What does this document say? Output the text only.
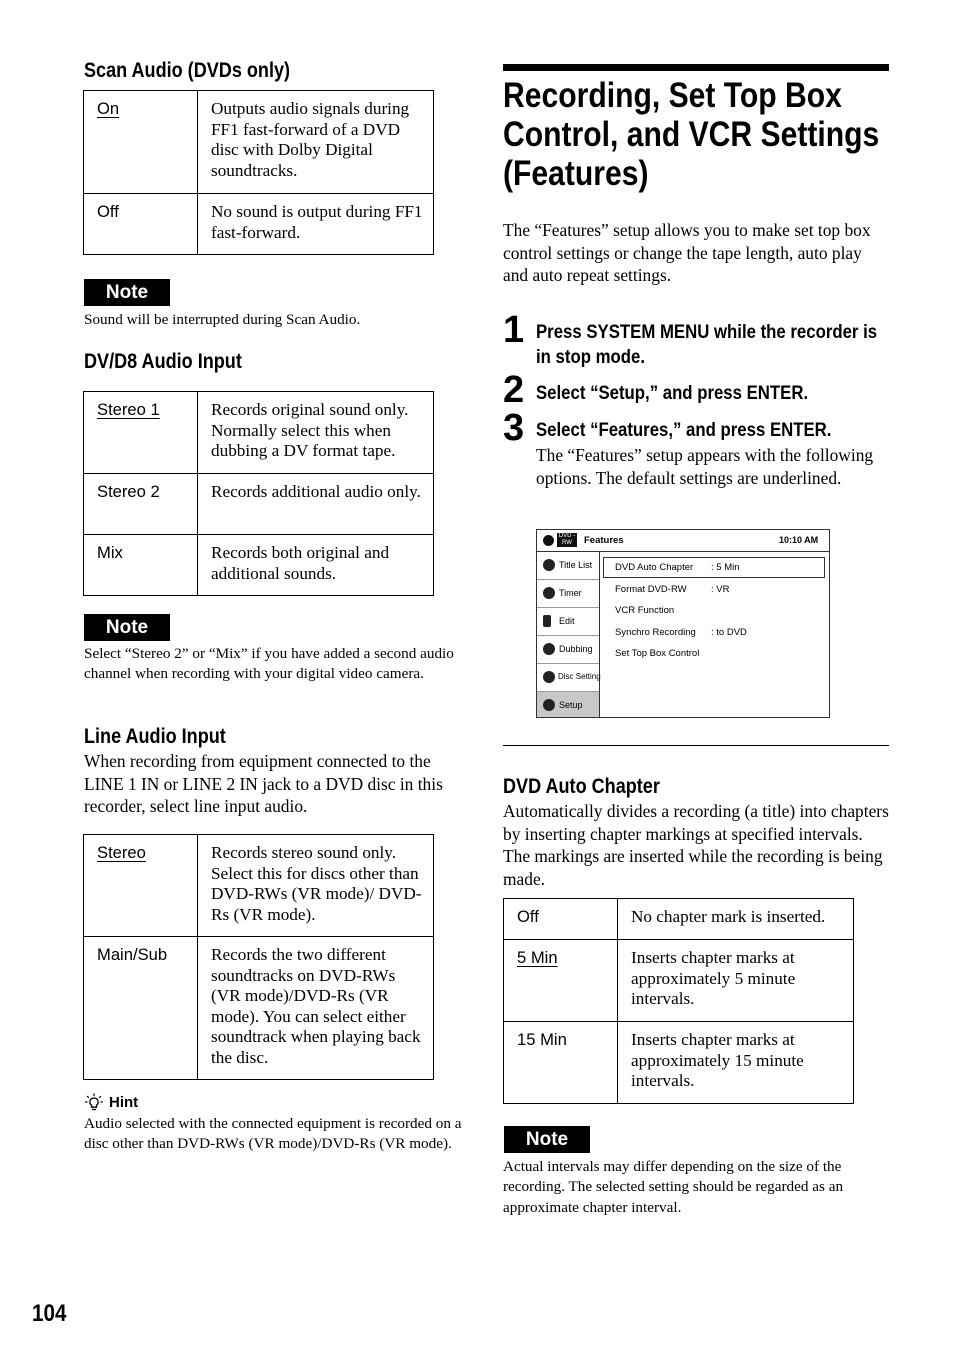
Scan Audio (DVDs only)
On	Outputs audio signals during FF1 fast-forward of a DVD disc with Dolby Digital soundtracks.
Off	No sound is output during FF1 fast-forward.
Note
Sound will be interrupted during Scan Audio.
DV/D8 Audio Input
Stereo 1	Records original sound only. Normally select this when dubbing a DV format tape.
Stereo 2	Records additional audio only.
Mix	Records both original and additional sounds.
Note
Select “Stereo 2” or “Mix” if you have added a second audio channel when recording with your digital video camera.
Line Audio Input
When recording from equipment connected to the LINE 1 IN or LINE 2 IN jack to a DVD disc in this recorder, select line input audio.
Stereo	Records stereo sound only. Select this for discs other than DVD-RWs (VR mode)/ DVD-Rs (VR mode).
Main/Sub	Records the two different soundtracks on DVD-RWs (VR mode)/DVD-Rs (VR mode). You can select either soundtrack when playing back the disc.
Hint
Audio selected with the connected equipment is recorded on a disc other than DVD-RWs (VR mode)/DVD-Rs (VR mode).
104
Recording, Set Top Box
Control, and VCR Settings
(Features)
The “Features” setup allows you to make set top box control settings or change the tape length, auto play and auto repeat settings.
1 Press SYSTEM MENU while the recorder is in stop mode.
2 Select “Setup,” and press ENTER.
3 Select “Features,” and press ENTER.
The “Features” setup appears with the following options. The default settings are underlined.
DVD -RW	Features	10:10 AM
Title List
Timer
Edit
Dubbing
Disc Setting
Setup
DVD Auto Chapter : 5 Min
Format DVD-RW	: VR
VCR Function
Synchro Recording : to DVD
Set Top Box Control
DVD Auto Chapter
Automatically divides a recording (a title) into chapters by inserting chapter markings at specified intervals. The markings are inserted while the recording is being made.
Off	No chapter mark is inserted.
5 Min	Inserts chapter marks at approximately 5 minute intervals.
15 Min	Inserts chapter marks at approximately 15 minute intervals.
Note
Actual intervals may differ depending on the size of the recording. The selected setting should be regarded as an approximate chapter interval.
